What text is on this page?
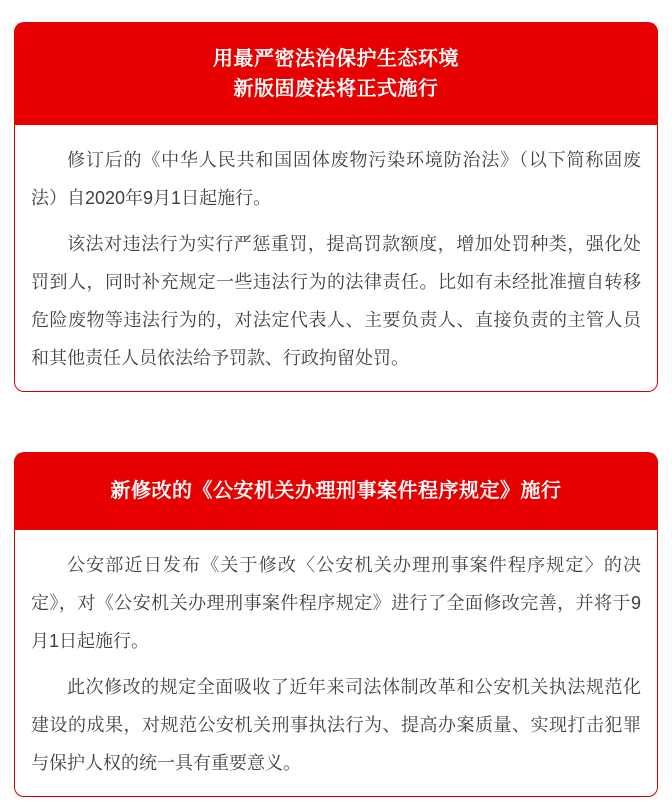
用最严密法治保护生态环境
新版固废法将正式施行

修订后的《中华人民共和国固体废物污染环境防治法》（以下简称固废法）自2020年9月1日起施行。

该法对违法行为实行严惩重罚，提高罚款额度，增加处罚种类，强化处罚到人，同时补充规定一些违法行为的法律责任。比如有未经批准擅自转移危险废物等违法行为的，对法定代表人、主要负责人、直接负责的主管人员和其他责任人员依法给予罚款、行政拘留处罚。

新修改的《公安机关办理刑事案件程序规定》施行

公安部近日发布《关于修改〈公安机关办理刑事案件程序规定〉的决定》，对《公安机关办理刑事案件程序规定》进行了全面修改完善，并将于9月1日起施行。

此次修改的规定全面吸收了近年来司法体制改革和公安机关执法规范化建设的成果，对规范公安机关刑事执法行为、提高办案质量、实现打击犯罪与保护人权的统一具有重要意义。
